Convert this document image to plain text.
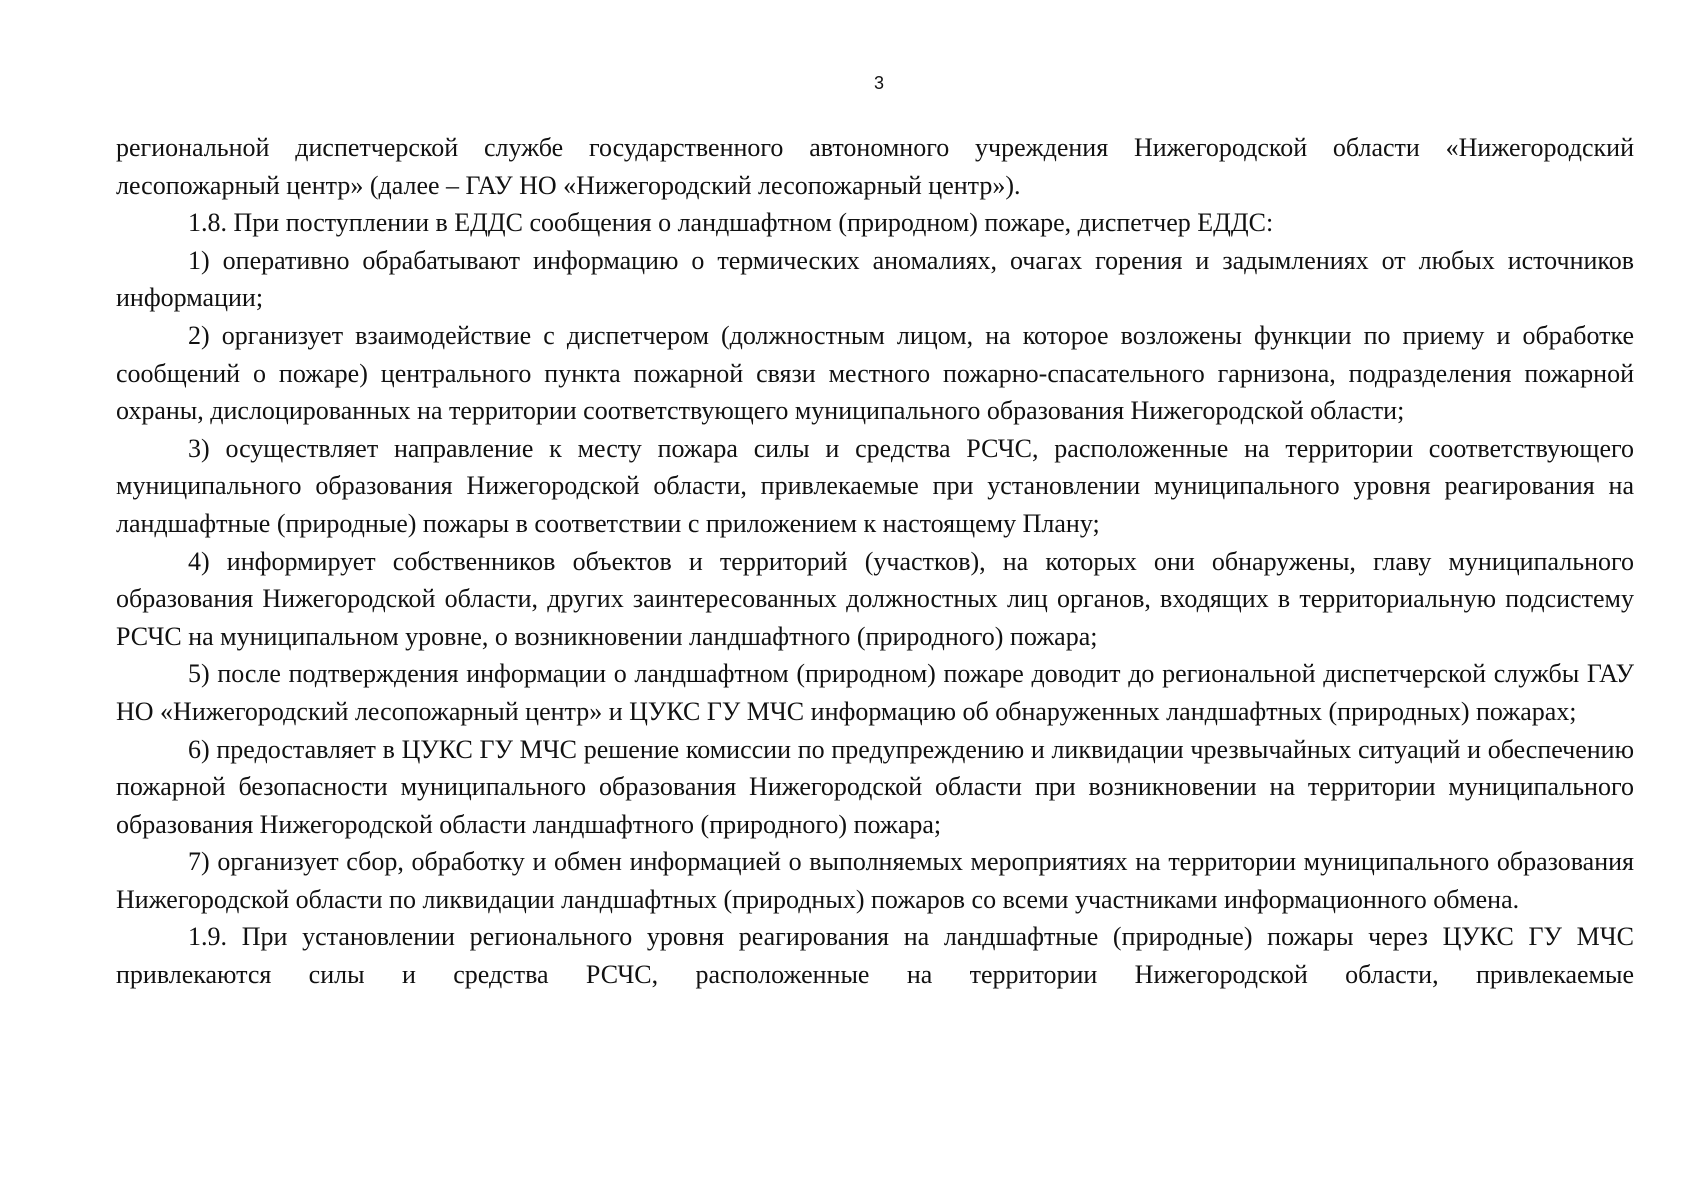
3

региональной диспетчерской службе государственного автономного учреждения Нижегородской области «Нижегородский лесопожарный центр» (далее – ГАУ НО «Нижегородский лесопожарный центр»).

1.8. При поступлении в ЕДДС сообщения о ландшафтном (природном) пожаре, диспетчер ЕДДС:

1) оперативно обрабатывают информацию о термических аномалиях, очагах горения и задымлениях от любых источников информации;

2) организует взаимодействие с диспетчером (должностным лицом, на которое возложены функции по приему и обработке сообщений о пожаре) центрального пункта пожарной связи местного пожарно-спасательного гарнизона, подразделения пожарной охраны, дислоцированных на территории соответствующего муниципального образования Нижегородской области;

3) осуществляет направление к месту пожара силы и средства РСЧС, расположенные на территории соответствующего муниципального образования Нижегородской области, привлекаемые при установлении муниципального уровня реагирования на ландшафтные (природные) пожары в соответствии с приложением к настоящему Плану;

4) информирует собственников объектов и территорий (участков), на которых они обнаружены, главу муниципального образования Нижегородской области, других заинтересованных должностных лиц органов, входящих в территориальную подсистему РСЧС на муниципальном уровне, о возникновении ландшафтного (природного) пожара;

5) после подтверждения информации о ландшафтном (природном) пожаре доводит до региональной диспетчерской службы ГАУ НО «Нижегородский лесопожарный центр» и ЦУКС ГУ МЧС информацию об обнаруженных ландшафтных (природных) пожарах;

6) предоставляет в ЦУКС ГУ МЧС решение комиссии по предупреждению и ликвидации чрезвычайных ситуаций и обеспечению пожарной безопасности муниципального образования Нижегородской области при возникновении на территории муниципального образования Нижегородской области ландшафтного (природного) пожара;

7) организует сбор, обработку и обмен информацией о выполняемых мероприятиях на территории муниципального образования Нижегородской области по ликвидации ландшафтных (природных) пожаров со всеми участниками информационного обмена.

1.9. При установлении регионального уровня реагирования на ландшафтные (природные) пожары через ЦУКС ГУ МЧС привлекаются силы и средства РСЧС, расположенные на территории Нижегородской области, привлекаемые
